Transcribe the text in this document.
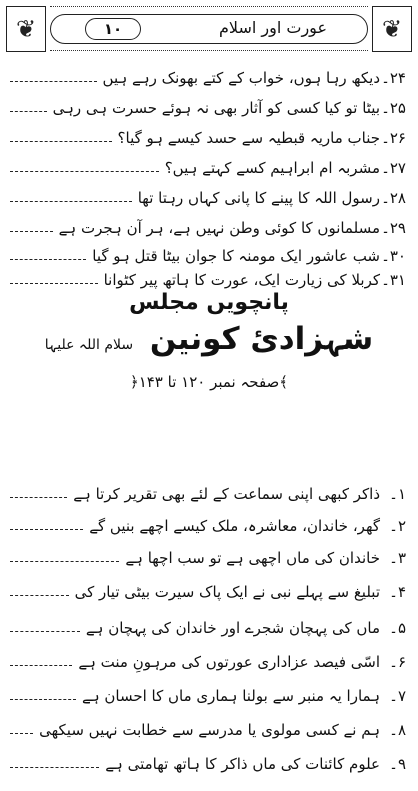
❦	❦
۱۰	عورت اور اسلام
۲۴۔
دیکھ رہا ہوں، خواب کے کتے بھونک رہے ہیں
۲۵۔
بیٹا تو کیا کسی کو آثار بھی نہ ہوئے حسرت ہی رہی
۲۶۔
جناب ماریہ قبطیہ سے حسد کیسے ہو گیا؟
۲۷۔
مشربہ ام ابراہیم کسے کہتے ہیں؟
۲۸۔
رسول اللہ کا پینے کا پانی کہاں رہتا تھا
۲۹۔
مسلمانوں کا کوئی وطن نہیں ہے، ہر آن ہجرت ہے
۳۰۔
شب عاشور ایک مومنہ کا جوان بیٹا قتل ہو گیا
۳۱۔
کربلا کی زیارت ایک، عورت کا ہاتھ پیر کٹوانا
پانچویں مجلس
شہزادیٔ کونین سلام اللہ علیہا
﴾صفحہ نمبر ۱۲۰ تا ۱۴۳﴿
۱۔
ذاکر کبھی اپنی سماعت کے لئے بھی تقریر کرتا ہے
۲۔
گھر، خاندان، معاشرہ، ملک کیسے اچھے بنیں گے
۳۔
خاندان کی ماں اچھی ہے تو سب اچھا ہے
۴۔
تبلیغ سے پہلے نبی نے ایک پاک سیرت بیٹی تیار کی
۵۔
ماں کی پہچان شجرے اور خاندان کی پہچان ہے
۶۔
اسّی فیصد عزاداری عورتوں کی مرہونِ منت ہے
۷۔
ہمارا یہ منبر سے بولنا ہماری ماں کا احسان ہے
۸۔
ہم نے کسی مولوی یا مدرسے سے خطابت نہیں سیکھی
۹۔
علوم کائنات کی ماں ذاکر کا ہاتھ تھامتی ہے
